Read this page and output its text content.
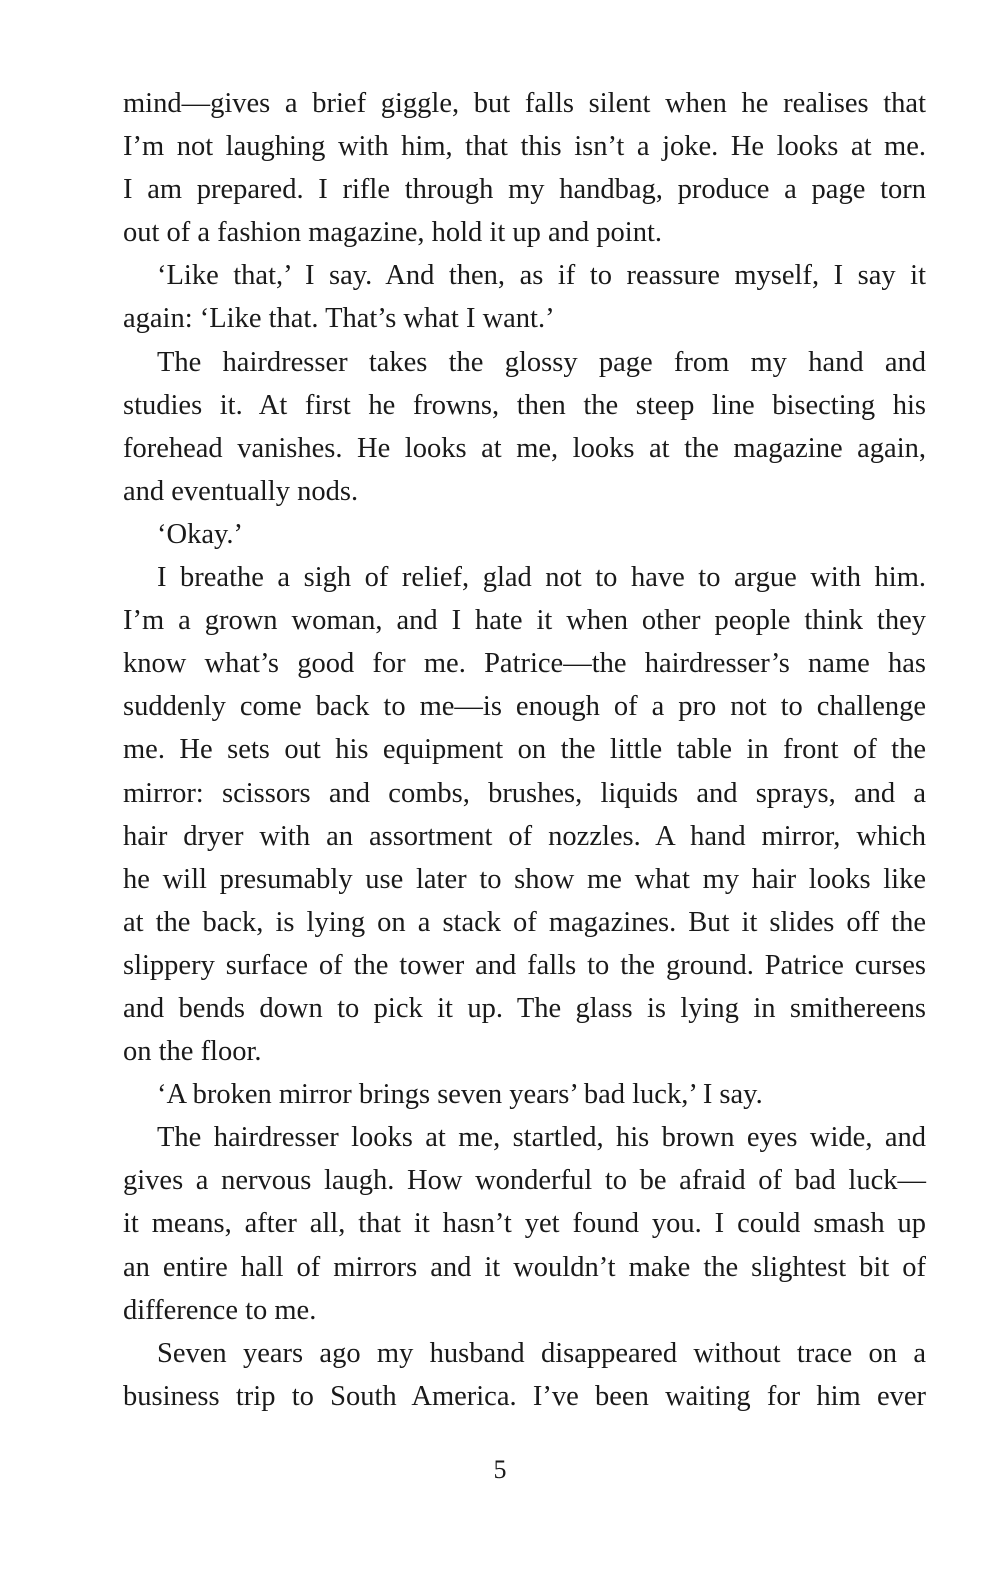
mind—gives a brief giggle, but falls silent when he realises that
I’m not laughing with him, that this isn’t a joke. He looks at me.
I am prepared. I rifle through my handbag, produce a page torn
out of a fashion magazine, hold it up and point.
‘Like that,’ I say. And then, as if to reassure myself, I say it
again: ‘Like that. That’s what I want.’
The hairdresser takes the glossy page from my hand and
studies it. At first he frowns, then the steep line bisecting his
forehead vanishes. He looks at me, looks at the magazine again,
and eventually nods.
‘Okay.’
I breathe a sigh of relief, glad not to have to argue with him.
I’m a grown woman, and I hate it when other people think they
know what’s good for me. Patrice—the hairdresser’s name has
suddenly come back to me—is enough of a pro not to challenge
me. He sets out his equipment on the little table in front of the
mirror: scissors and combs, brushes, liquids and sprays, and a
hair dryer with an assortment of nozzles. A hand mirror, which
he will presumably use later to show me what my hair looks like
at the back, is lying on a stack of magazines. But it slides off the
slippery surface of the tower and falls to the ground. Patrice curses
and bends down to pick it up. The glass is lying in smithereens
on the floor.
‘A broken mirror brings seven years’ bad luck,’ I say.
The hairdresser looks at me, startled, his brown eyes wide, and
gives a nervous laugh. How wonderful to be afraid of bad luck—
it means, after all, that it hasn’t yet found you. I could smash up
an entire hall of mirrors and it wouldn’t make the slightest bit of
difference to me.
Seven years ago my husband disappeared without trace on a
business trip to South America. I’ve been waiting for him ever
5
